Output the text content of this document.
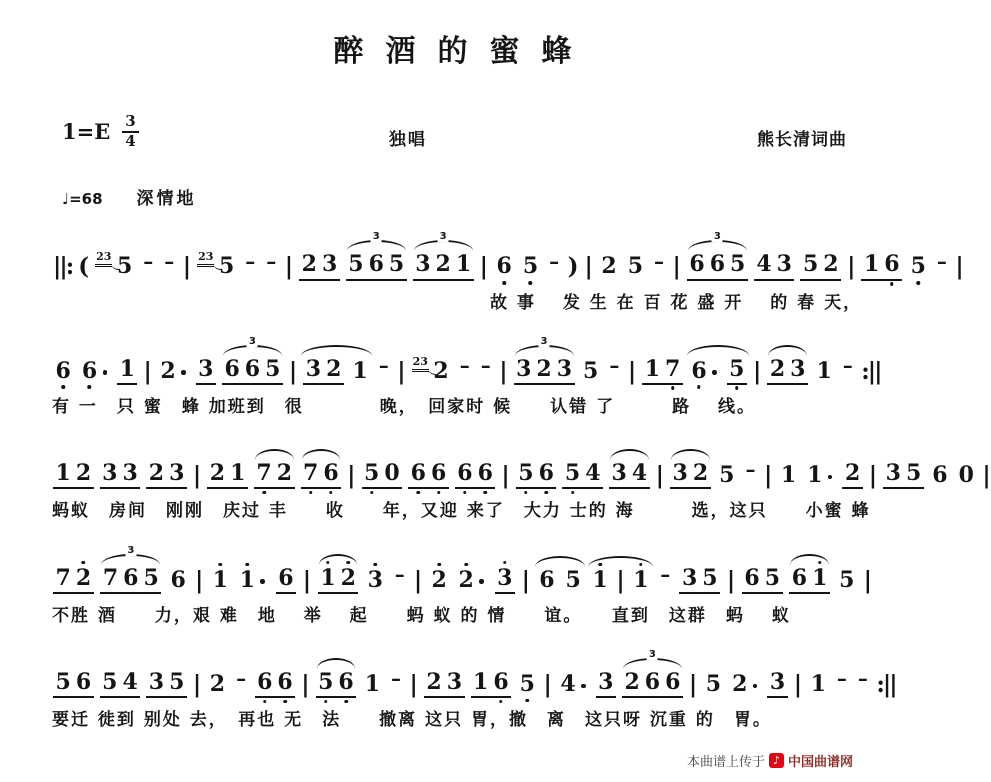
醉酒的蜜蜂
$1=E \frac{3}{4}$	独唱	熊长清词曲
♩=68 深情地
||: ( 23 5 – – | 23 5 – – | 2 3 5 6 5
3
3 2 1
3
| 6 5 – ) | 2 5 – | 6 6 5
3
4 3 5 2 | 1 6 5 – |
故 事　 发 生 在 百 花 盛 开　 的 春 天，
6 6 1 | 2 3 6 6 5
3
| 3 2 1 – | 23 2 – – | 3 2 3
3
5 – | 1 7 6 5 | 2 3 1 – :||
有 一　只 蜜　蜂 加班到　很　　　　晚，　回家时 候　　认错 了　　　路　 线。
1 2 3 3 2 3 | 2 1 7 2 7 6 | 5 0 6 6 6 6 | 5 6 5 4 3 4 | 3 2 5 – | 1 1 2 | 3 5 6 0 |
蚂蚁　房间　刚刚　庆过 丰　　收　　年，又迎 来了　大力 士的 海　　　选，这只　　小蜜 蜂
7 2 7 6 5
3
6 | 1 1 6 | 1 2 3 – | 2 2 3 | 6 5 1 | 1 – 3 5 | 6 5 6 1 5 |
不胜 酒　　力，艰 难　地　 举　 起　　蚂 蚁 的 情　　谊。　　直到　这群　蚂　 蚁
5 6 5 4 3 5 | 2 – 6 6 | 5 6 1 – | 2 3 1 6 5 | 4 3 2 6 6
3
| 5 2 3 | 1 – – :||
要迁 徙到 别处 去，　再也 无　法　　撤离 这只 胃，撤　离　这只呀 沉重 的　胃。
本曲谱上传于 ♪ 中国曲谱网
